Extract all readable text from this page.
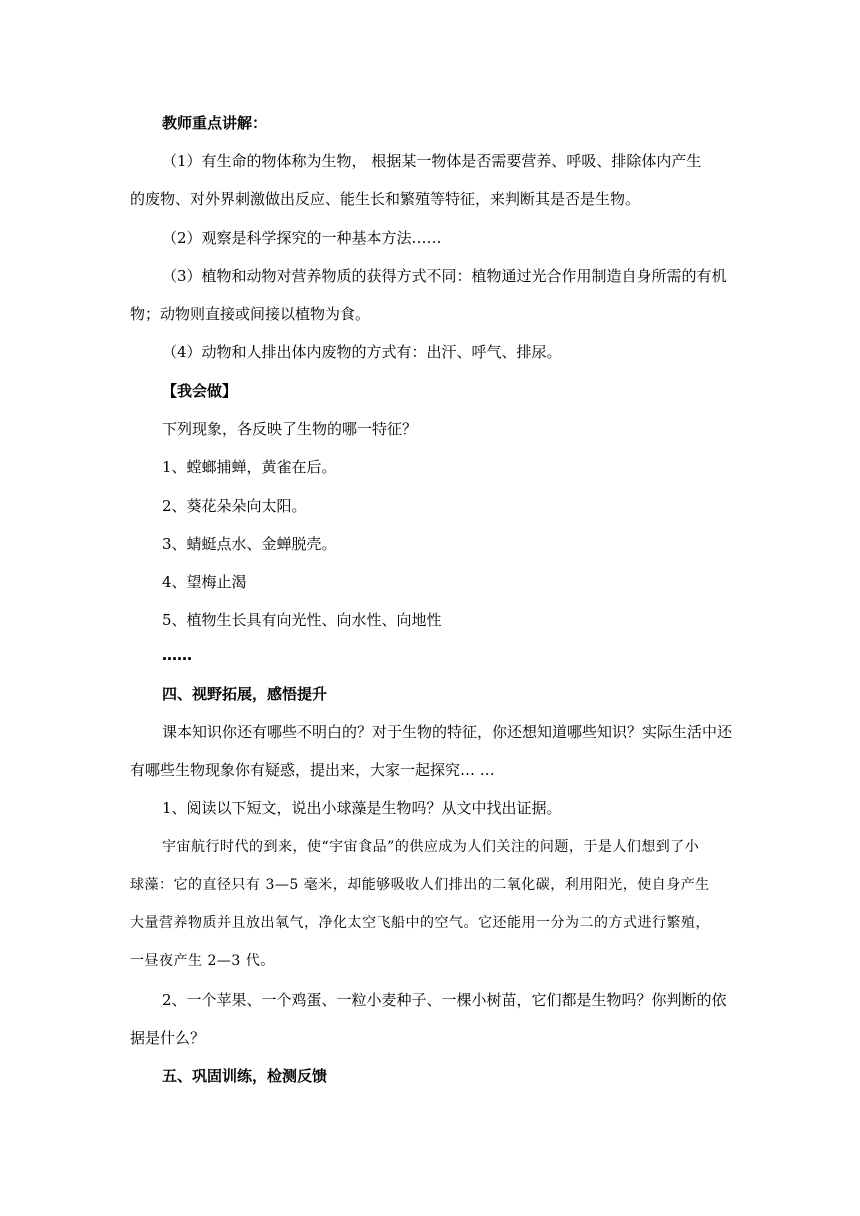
教师重点讲解：
（1）有生命的物体称为生物， 根据某一物体是否需要营养、呼吸、排除体内产生
的废物、对外界刺激做出反应、能生长和繁殖等特征，来判断其是否是生物。
（2）观察是科学探究的一种基本方法……
（3）植物和动物对营养物质的获得方式不同：植物通过光合作用制造自身所需的有机
物；动物则直接或间接以植物为食。
（4）动物和人排出体内废物的方式有：出汗、呼气、排尿。
【我会做】
下列现象，各反映了生物的哪一特征？
1、螳螂捕蝉，黄雀在后。
2、葵花朵朵向太阳。
3、蜻蜓点水、金蝉脱壳。
4、望梅止渴
5、植物生长具有向光性、向水性、向地性
……
四、视野拓展，感悟提升
课本知识你还有哪些不明白的？对于生物的特征，你还想知道哪些知识？实际生活中还
有哪些生物现象你有疑惑，提出来，大家一起探究… …
1、阅读以下短文，说出小球藻是生物吗？从文中找出证据。
宇宙航行时代的到来，使“宇宙食品”的供应成为人们关注的问题，于是人们想到了小
球藻：它的直径只有 3—5 毫米，却能够吸收人们排出的二氧化碳，利用阳光，使自身产生
大量营养物质并且放出氧气，净化太空飞船中的空气。它还能用一分为二的方式进行繁殖，
一昼夜产生 2—3 代。
2、一个苹果、一个鸡蛋、一粒小麦种子、一棵小树苗，它们都是生物吗？你判断的依
据是什么？
五、巩固训练，检测反馈
